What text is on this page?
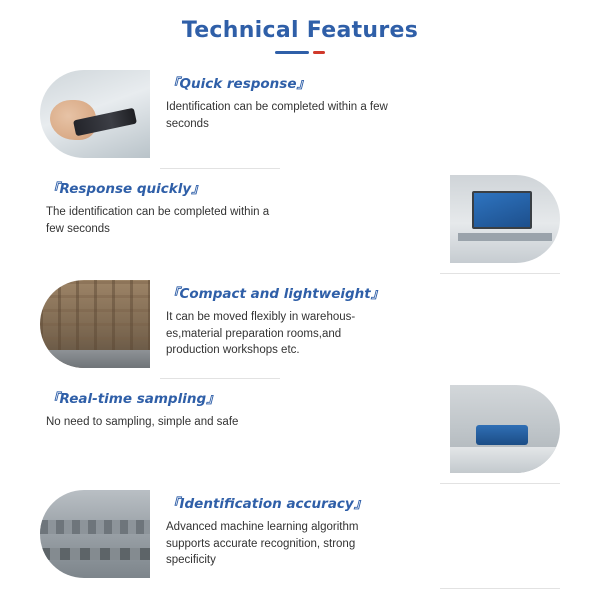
Technical Features

『Quick response』

Identification can be completed within a few seconds

『Response quickly』

The identification can be completed within a few seconds

『Compact and lightweight』

It can be moved flexibly in warehous-es,material preparation rooms,and production workshops etc.

『Real-time sampling』

No need to sampling, simple and safe

『Identification accuracy』

Advanced machine learning algorithm supports accurate recognition, strong specificity
